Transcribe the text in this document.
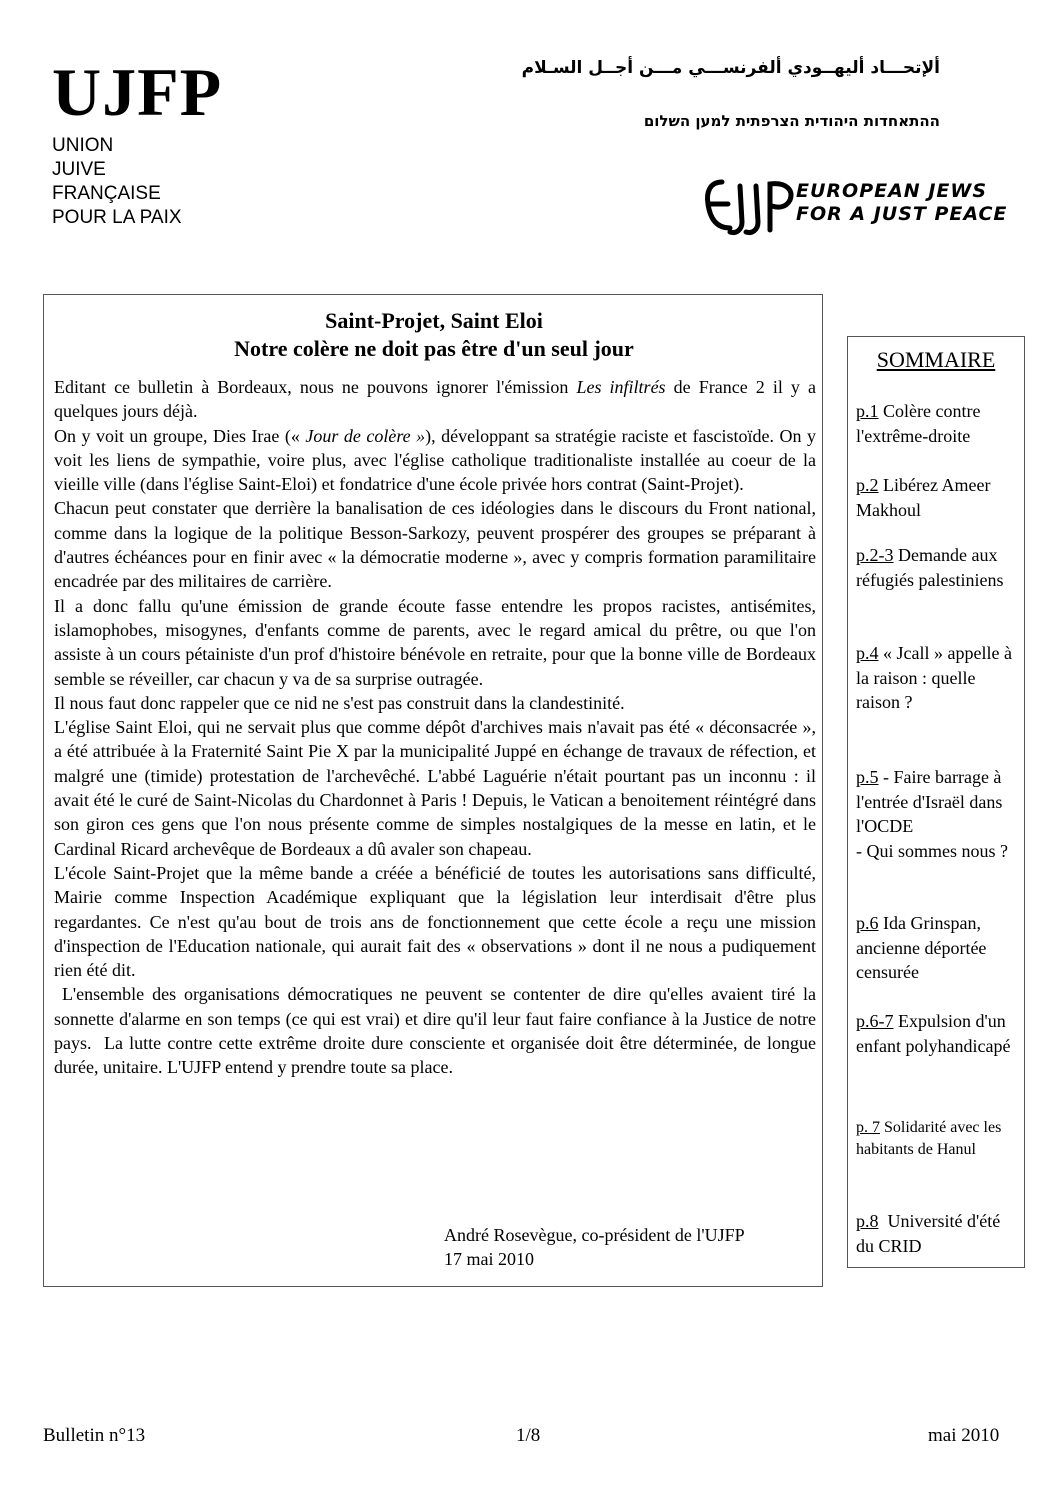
UJFP
UNION
JUIVE
FRANÇAISE
POUR LA PAIX
ألإتحـــاد أليهــودي ألفرنســـي مـــن أجــل السـلام
ההתאחדות היהודית הצרפתית למען השלום
EUROPEAN JEWS
FOR A JUST PEACE
Saint-Projet, Saint Eloi
Notre colère ne doit pas être d'un seul jour

Editant ce bulletin à Bordeaux, nous ne pouvons ignorer l'émission Les infiltrés de France 2 il y a quelques jours déjà.

On y voit un groupe, Dies Irae (« Jour de colère »), développant sa stratégie raciste et fascistoïde. On y voit les liens de sympathie, voire plus, avec l'église catholique traditionaliste installée au coeur de la vieille ville (dans l'église Saint-Eloi) et fondatrice d'une école privée hors contrat (Saint-Projet).

Chacun peut constater que derrière la banalisation de ces idéologies dans le discours du Front national, comme dans la logique de la politique Besson-Sarkozy, peuvent prospérer des groupes se préparant à d'autres échéances pour en finir avec « la démocratie moderne », avec y compris formation paramilitaire encadrée par des militaires de carrière.

Il a donc fallu qu'une émission de grande écoute fasse entendre les propos racistes, antisémites, islamophobes, misogynes, d'enfants comme de parents, avec le regard amical du prêtre, ou que l'on assiste à un cours pétainiste d'un prof d'histoire bénévole en retraite, pour que la bonne ville de Bordeaux semble se réveiller, car chacun y va de sa surprise outragée.

Il nous faut donc rappeler que ce nid ne s'est pas construit dans la clandestinité.

L'église Saint Eloi, qui ne servait plus que comme dépôt d'archives mais n'avait pas été « déconsacrée », a été attribuée à la Fraternité Saint Pie X par la municipalité Juppé en échange de travaux de réfection, et malgré une (timide) protestation de l'archevêché. L'abbé Laguérie n'était pourtant pas un inconnu : il avait été le curé de Saint-Nicolas du Chardonnet à Paris ! Depuis, le Vatican a benoitement réintégré dans son giron ces gens que l'on nous présente comme de simples nostalgiques de la messe en latin, et le Cardinal Ricard archevêque de Bordeaux a dû avaler son chapeau.

L'école Saint-Projet que la même bande a créée a bénéficié de toutes les autorisations sans difficulté, Mairie comme Inspection Académique expliquant que la législation leur interdisait d'être plus regardantes. Ce n'est qu'au bout de trois ans de fonctionnement que cette école a reçu une mission d'inspection de l'Education nationale, qui aurait fait des « observations » dont il ne nous a pudiquement rien été dit.

L'ensemble des organisations démocratiques ne peuvent se contenter de dire qu'elles avaient tiré la sonnette d'alarme en son temps (ce qui est vrai) et dire qu'il leur faut faire confiance à la Justice de notre pays.  La lutte contre cette extrême droite dure consciente et organisée doit être déterminée, de longue durée, unitaire. L'UJFP entend y prendre toute sa place.

André Rosevègue, co-président de l'UJFP
17 mai 2010
SOMMAIRE
p.1 Colère contre l'extrême-droite
p.2 Libérez Ameer Makhoul
p.2-3 Demande aux réfugiés palestiniens
p.4 « Jcall » appelle à la raison : quelle raison ?
p.5 - Faire barrage à l'entrée d'Israël dans l'OCDE
- Qui sommes nous ?
p.6 Ida Grinspan, ancienne déportée censurée
p.6-7 Expulsion d'un enfant polyhandicapé
p. 7 Solidarité avec les habitants de Hanul
p.8  Université d'été du CRID
Bulletin n°13	1/8	mai 2010
